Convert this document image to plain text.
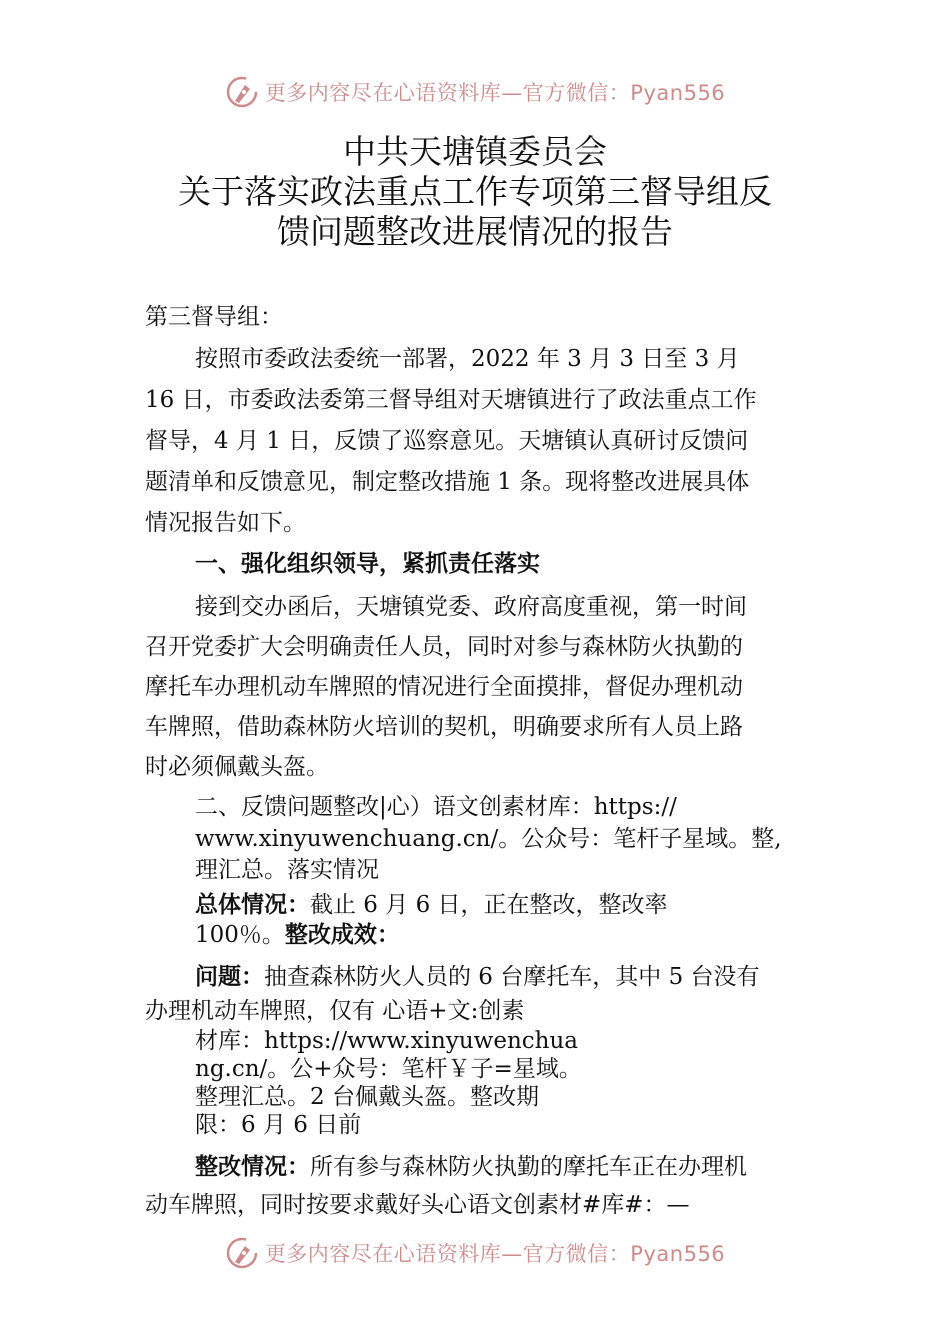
更多内容尽在心语资料库—官方微信：Pyan556
中共天塘镇委员会
关于落实政法重点工作专项第三督导组反
馈问题整改进展情况的报告
第三督导组：
按照市委政法委统一部署，2022 年 3 月 3 日至 3 月
16 日，市委政法委第三督导组对天塘镇进行了政法重点工作
督导，4 月 1 日，反馈了巡察意见。天塘镇认真研讨反馈问
题清单和反馈意见，制定整改措施 1 条。现将整改进展具体
情况报告如下。
一、强化组织领导，紧抓责任落实
接到交办函后，天塘镇党委、政府高度重视，第一时间
召开党委扩大会明确责任人员，同时对参与森林防火执勤的
摩托车办理机动车牌照的情况进行全面摸排，督促办理机动
车牌照，借助森林防火培训的契机，明确要求所有人员上路
时必须佩戴头盔。
二、反馈问题整改|心）语文创素材库：https://
www.xinyuwenchuang.cn/。公众号：笔杆子星域。整,
理汇总。落实情况
总体情况：截止 6 月 6 日，正在整改，整改率
100％。整改成效：
问题：抽查森林防火人员的 6 台摩托车，其中 5 台没有
办理机动车牌照，仅有 心语+文:创素
材库：https://www.xinyuwenchua
ng.cn/。公+众号：笔杆￥子=星域。
整理汇总。2 台佩戴头盔。整改期
限：6 月 6 日前
整改情况：所有参与森林防火执勤的摩托车正在办理机
动车牌照，同时按要求戴好头心语文创素材#库#：—
更多内容尽在心语资料库—官方微信：Pyan556
